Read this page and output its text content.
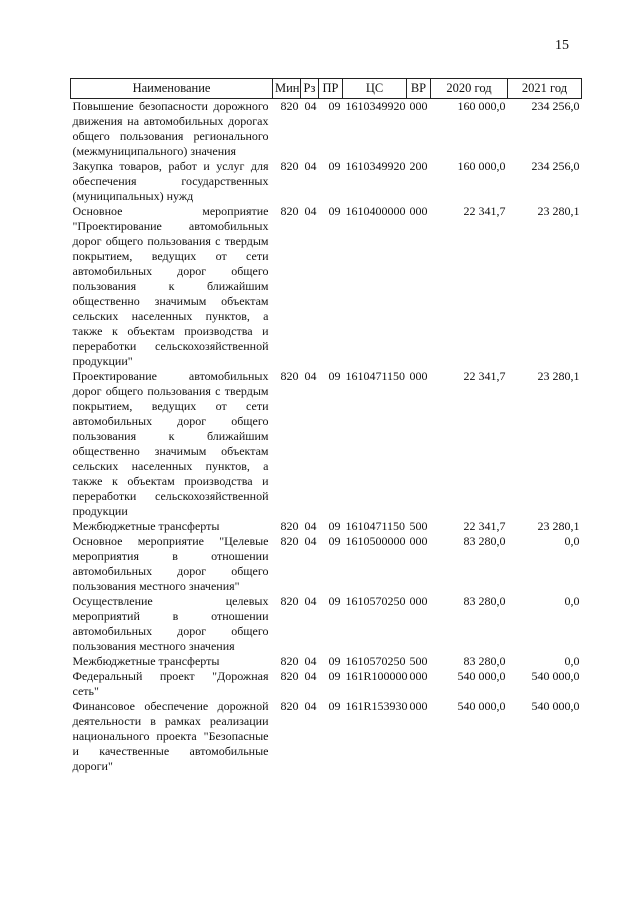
15
Наименование	Мин	Рз	ПР	ЦС	ВР	2020 год	2021 год
Повышение безопасности дорожного движения на автомобильных дорогах общего пользования регионального (межмуниципального) значения	820	04	09	1610349920	000	160 000,0	234 256,0
Закупка товаров, работ и услуг для обеспечения государственных (муниципальных) нужд	820	04	09	1610349920	200	160 000,0	234 256,0
Основное мероприятие "Проектирование автомобильных дорог общего пользования с твердым покрытием, ведущих от сети автомобильных дорог общего пользования к ближайшим общественно значимым объектам сельских населенных пунктов, а также к объектам производства и переработки сельскохозяйственной продукции"	820	04	09	1610400000	000	22 341,7	23 280,1
Проектирование автомобильных дорог общего пользования с твердым покрытием, ведущих от сети автомобильных дорог общего пользования к ближайшим общественно значимым объектам сельских населенных пунктов, а также к объектам производства и переработки сельскохозяйственной продукции	820	04	09	1610471150	000	22 341,7	23 280,1
Межбюджетные трансферты	820	04	09	1610471150	500	22 341,7	23 280,1
Основное мероприятие "Целевые мероприятия в отношении автомобильных дорог общего пользования местного значения"	820	04	09	1610500000	000	83 280,0	0,0
Осуществление целевых мероприятий в отношении автомобильных дорог общего пользования местного значения	820	04	09	1610570250	000	83 280,0	0,0
Межбюджетные трансферты	820	04	09	1610570250	500	83 280,0	0,0
Федеральный проект "Дорожная сеть"	820	04	09	161R100000	000	540 000,0	540 000,0
Финансовое обеспечение дорожной деятельности в рамках реализации национального проекта "Безопасные и качественные автомобильные дороги"	820	04	09	161R153930	000	540 000,0	540 000,0
